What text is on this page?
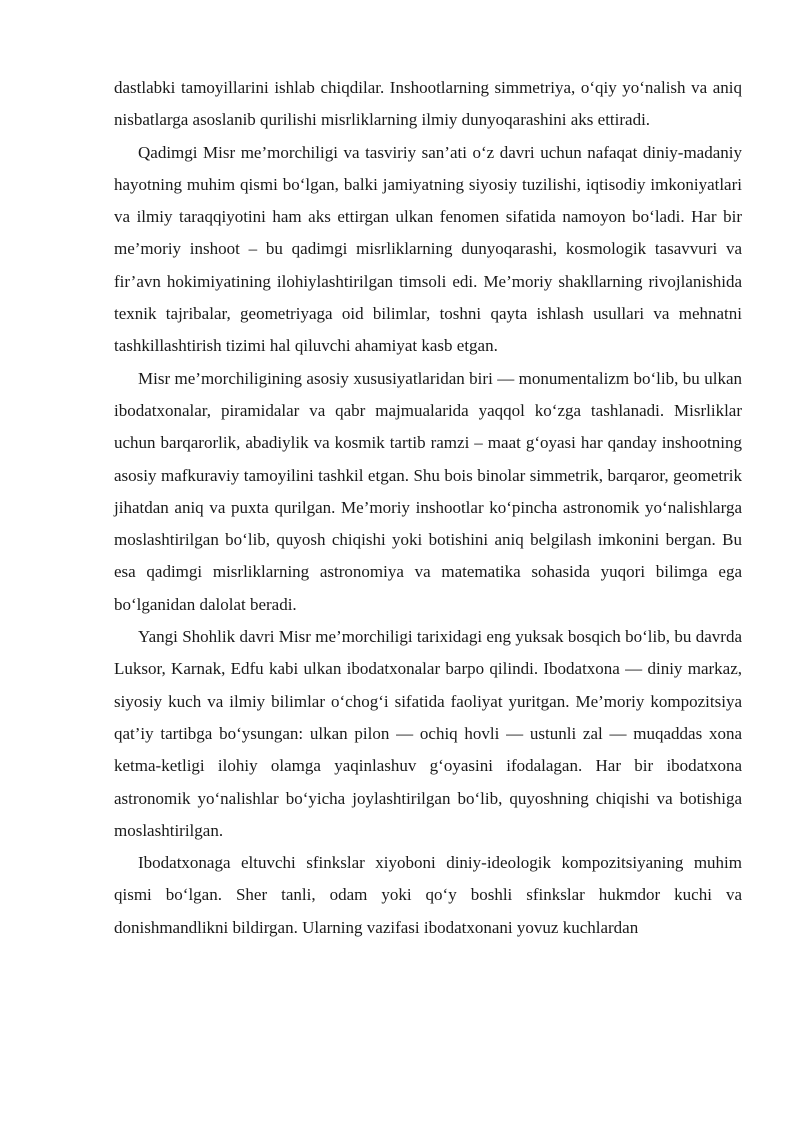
dastlabki tamoyillarini ishlab chiqdilar. Inshootlarning simmetriya, o‘qiy yo‘nalish va aniq nisbatlarga asoslanib qurilishi misrliklarning ilmiy dunyoqarashini aks ettiradi.

Qadimgi Misr me’morchiligi va tasviriy san’ati o‘z davri uchun nafaqat diniy-madaniy hayotning muhim qismi bo‘lgan, balki jamiyatning siyosiy tuzilishi, iqtisodiy imkoniyatlari va ilmiy taraqqiyotini ham aks ettirgan ulkan fenomen sifatida namoyon bo‘ladi. Har bir me’moriy inshoot – bu qadimgi misrliklarning dunyoqarashi, kosmologik tasavvuri va fir’avn hokimiyatining ilohiylashtirilgan timsoli edi. Me’moriy shakllarning rivojlanishida texnik tajribalar, geometriyaga oid bilimlar, toshni qayta ishlash usullari va mehnatni tashkillashtirish tizimi hal qiluvchi ahamiyat kasb etgan.

Misr me’morchiligining asosiy xususiyatlaridan biri — monumentalizm bo‘lib, bu ulkan ibodatxonalar, piramidalar va qabr majmualarida yaqqol ko‘zga tashlanadi. Misrliklar uchun barqarorlik, abadiylik va kosmik tartib ramzi – maat g‘oyasi har qanday inshootning asosiy mafkuraviy tamoyilini tashkil etgan. Shu bois binolar simmetrik, barqaror, geometrik jihatdan aniq va puxta qurilgan. Me’moriy inshootlar ko‘pincha astronomik yo‘nalishlarga moslashtirilgan bo‘lib, quyosh chiqishi yoki botishini aniq belgilash imkonini bergan. Bu esa qadimgi misrliklarning astronomiya va matematika sohasida yuqori bilimga ega bo‘lganidan dalolat beradi.

Yangi Shohlik davri Misr me’morchiligi tarixidagi eng yuksak bosqich bo‘lib, bu davrda Luksor, Karnak, Edfu kabi ulkan ibodatxonalar barpo qilindi. Ibodatxona — diniy markaz, siyosiy kuch va ilmiy bilimlar o‘chog‘i sifatida faoliyat yuritgan. Me’moriy kompozitsiya qat’iy tartibga bo‘ysungan: ulkan pilon — ochiq hovli — ustunli zal — muqaddas xona ketma-ketligi ilohiy olamga yaqinlashuv g‘oyasini ifodalagan. Har bir ibodatxona astronomik yo‘nalishlar bo‘yicha joylashtirilgan bo‘lib, quyoshning chiqishi va botishiga moslashtirilgan.

Ibodatxonaga eltuvchi sfinkslar xiyoboni diniy-ideologik kompozitsiyaning muhim qismi bo‘lgan. Sher tanli, odam yoki qo‘y boshli sfinkslar hukmdor kuchi va donishmandlikni bildirgan. Ularning vazifasi ibodatxonani yovuz kuchlardan
